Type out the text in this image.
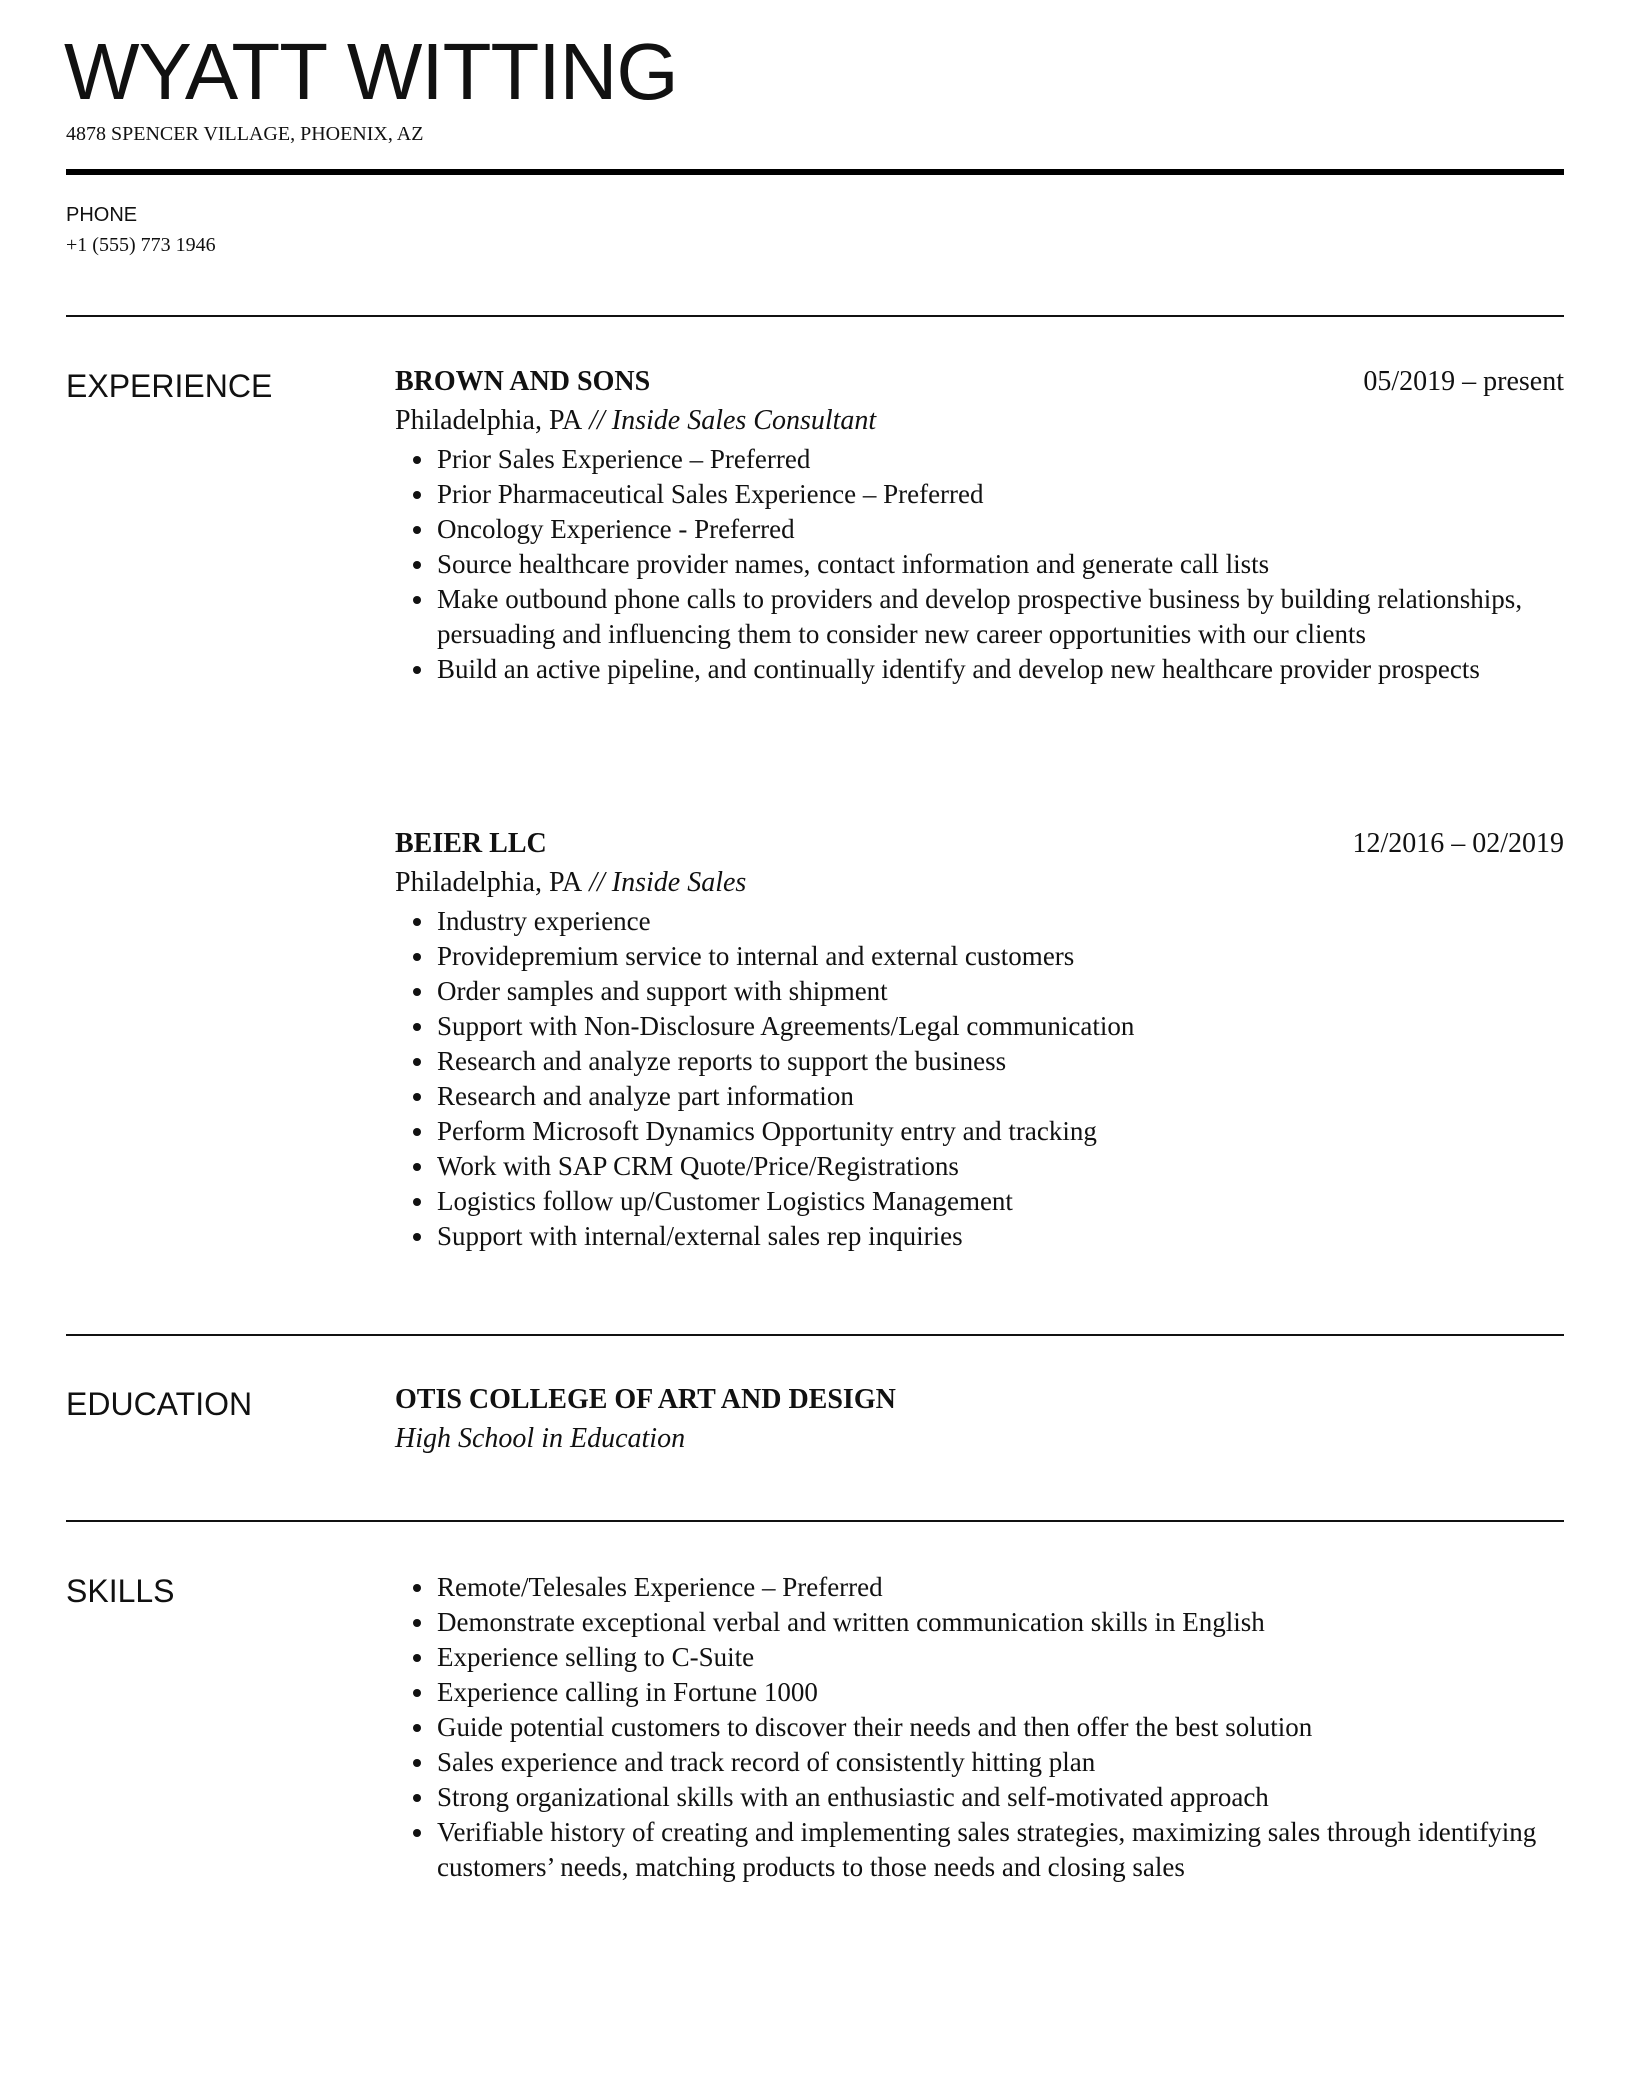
WYATT WITTING
4878 SPENCER VILLAGE, PHOENIX, AZ
PHONE
+1 (555) 773 1946
EXPERIENCE	BROWN AND SONS	05/2019 – present
Philadelphia, PA // Inside Sales Consultant
Prior Sales Experience – Preferred
Prior Pharmaceutical Sales Experience – Preferred
Oncology Experience - Preferred
Source healthcare provider names, contact information and generate call lists
Make outbound phone calls to providers and develop prospective business by building relationships, persuading and influencing them to consider new career opportunities with our clients
Build an active pipeline, and continually identify and develop new healthcare provider prospects
BEIER LLC	12/2016 – 02/2019
Philadelphia, PA // Inside Sales
Industry experience
Providepremium service to internal and external customers
Order samples and support with shipment
Support with Non-Disclosure Agreements/Legal communication
Research and analyze reports to support the business
Research and analyze part information
Perform Microsoft Dynamics Opportunity entry and tracking
Work with SAP CRM Quote/Price/Registrations
Logistics follow up/Customer Logistics Management
Support with internal/external sales rep inquiries
EDUCATION	OTIS COLLEGE OF ART AND DESIGN
High School in Education
SKILLS	Remote/Telesales Experience – Preferred
Demonstrate exceptional verbal and written communication skills in English
Experience selling to C-Suite
Experience calling in Fortune 1000
Guide potential customers to discover their needs and then offer the best solution
Sales experience and track record of consistently hitting plan
Strong organizational skills with an enthusiastic and self-motivated approach
Verifiable history of creating and implementing sales strategies, maximizing sales through identifying customers’ needs, matching products to those needs and closing sales
